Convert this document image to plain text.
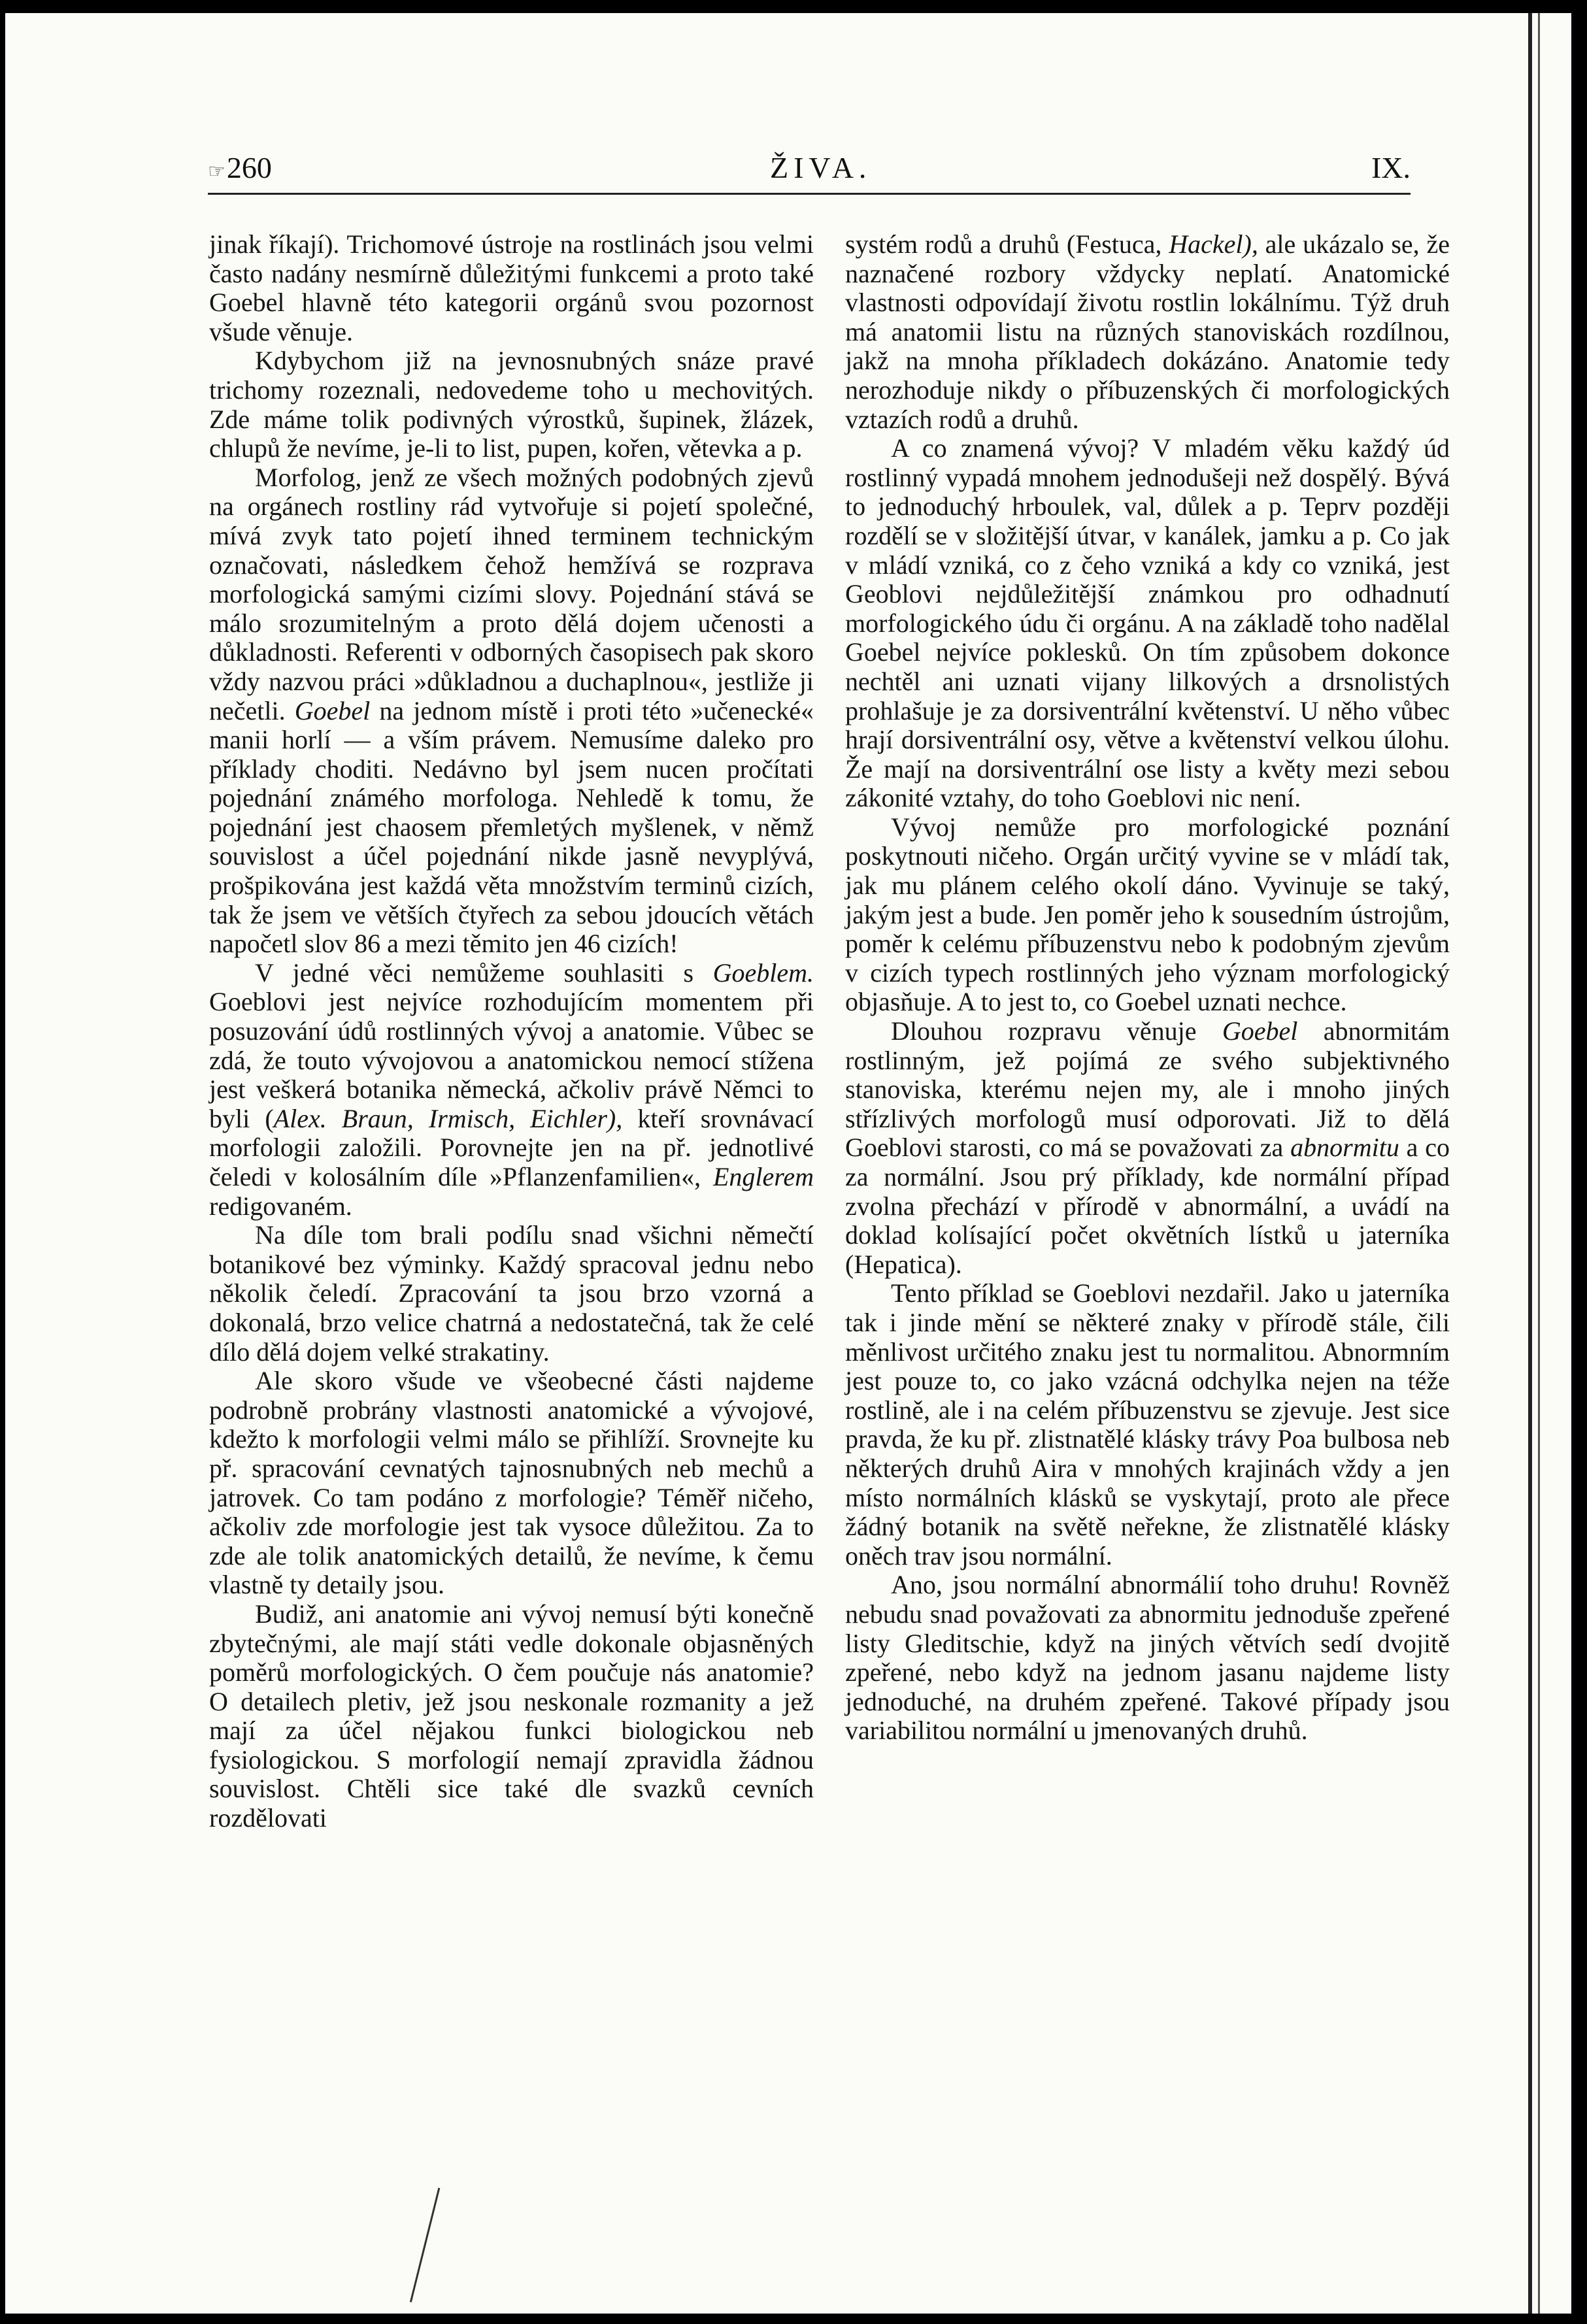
☞260	ŽIVA.	IX.

jinak říkají). Trichomové ústroje na rostlinách jsou velmi často nadány nesmírně důležitými funkcemi a proto také Goebel hlavně této kategorii orgánů svou pozornost všude věnuje.

Kdybychom již na jevnosnubných snáze pravé trichomy rozeznali, nedovedeme toho u mechovitých. Zde máme tolik podivných výrostků, šupinek, žlázek, chlupů že nevíme, je-li to list, pupen, kořen, větevka a p.

Morfolog, jenž ze všech možných podobných zjevů na orgánech rostliny rád vytvořuje si pojetí společné, mívá zvyk tato pojetí ihned terminem technickým označovati, následkem čehož hemžívá se rozprava morfologická samými cizími slovy. Pojednání stává se málo srozumitelným a proto dělá dojem učenosti a důkladnosti. Referenti v odborných časopisech pak skoro vždy nazvou práci »důkladnou a duchaplnou«, jestliže ji nečetli. Goebel na jednom místě i proti této »učenecké« manii horlí — a vším právem. Nemusíme daleko pro příklady choditi. Nedávno byl jsem nucen pročítati pojednání známého morfologa. Nehledě k tomu, že pojednání jest chaosem přemletých myšlenek, v němž souvislost a účel pojednání nikde jasně nevyplývá, prošpikována jest každá věta množstvím terminů cizích, tak že jsem ve větších čtyřech za sebou jdoucích větách napočetl slov 86 a mezi těmito jen 46 cizích!

V jedné věci nemůžeme souhlasiti s Goeblem. Goeblovi jest nejvíce rozhodujícím momentem při posuzování údů rostlinných vývoj a anatomie. Vůbec se zdá, že touto vývojovou a anatomickou nemocí stížena jest veškerá botanika německá, ačkoliv právě Němci to byli (Alex. Braun, Irmisch, Eichler), kteří srovnávací morfologii založili. Porovnejte jen na př. jednotlivé čeledi v kolosálním díle »Pflanzenfamilien«, Englerem redigovaném.

Na díle tom brali podílu snad všichni němečtí botanikové bez výminky. Každý spracoval jednu nebo několik čeledí. Zpracování ta jsou brzo vzorná a dokonalá, brzo velice chatrná a nedostatečná, tak že celé dílo dělá dojem velké strakatiny.

Ale skoro všude ve všeobecné části najdeme podrobně probrány vlastnosti anatomické a vývojové, kdežto k morfologii velmi málo se přihlíží. Srovnejte ku př. spracování cevnatých tajnosnubných neb mechů a jatrovek. Co tam podáno z morfologie? Téměř ničeho, ačkoliv zde morfologie jest tak vysoce důležitou. Za to zde ale tolik anatomických detailů, že nevíme, k čemu vlastně ty detaily jsou.

Budiž, ani anatomie ani vývoj nemusí býti konečně zbytečnými, ale mají státi vedle dokonale objasněných poměrů morfologických. O čem poučuje nás anatomie? O detailech pletiv, jež jsou neskonale rozmanity a jež mají za účel nějakou funkci biologickou neb fysiologickou. S morfologií nemají zpravidla žádnou souvislost. Chtěli sice také dle svazků cevních rozdělovati

systém rodů a druhů (Festuca, Hackel), ale ukázalo se, že naznačené rozbory vždycky neplatí. Anatomické vlastnosti odpovídají životu rostlin lokálnímu. Týž druh má anatomii listu na různých stanoviskách rozdílnou, jakž na mnoha příkladech dokázáno. Anatomie tedy nerozhoduje nikdy o příbuzenských či morfologických vztazích rodů a druhů.

A co znamená vývoj? V mladém věku každý úd rostlinný vypadá mnohem jednodušeji než dospělý. Bývá to jednoduchý hrboulek, val, důlek a p. Teprv později rozdělí se v složitější útvar, v kanálek, jamku a p. Co jak v mládí vzniká, co z čeho vzniká a kdy co vzniká, jest Geoblovi nejdůležitější známkou pro odhadnutí morfologického údu či orgánu. A na základě toho nadělal Goebel nejvíce poklesků. On tím způsobem dokonce nechtěl ani uznati vijany lilkových a drsnolistých prohlašuje je za dorsiventrální květenství. U něho vůbec hrají dorsiventrální osy, větve a květenství velkou úlohu. Že mají na dorsiventrální ose listy a květy mezi sebou zákonité vztahy, do toho Goeblovi nic není.

Vývoj nemůže pro morfologické poznání poskytnouti ničeho. Orgán určitý vyvine se v mládí tak, jak mu plánem celého okolí dáno. Vyvinuje se taký, jakým jest a bude. Jen poměr jeho k sousedním ústrojům, poměr k celému příbuzenstvu nebo k podobným zjevům v cizích typech rostlinných jeho význam morfologický objasňuje. A to jest to, co Goebel uznati nechce.

Dlouhou rozpravu věnuje Goebel abnormitám rostlinným, jež pojímá ze svého subjektivného stanoviska, kterému nejen my, ale i mnoho jiných střízlivých morfologů musí odporovati. Již to dělá Goeblovi starosti, co má se považovati za abnormitu a co za normální. Jsou prý příklady, kde normální případ zvolna přechází v přírodě v abnormální, a uvádí na doklad kolísající počet okvětních lístků u jaterníka (Hepatica).

Tento příklad se Goeblovi nezdařil. Jako u jaterníka tak i jinde mění se některé znaky v přírodě stále, čili měnlivost určitého znaku jest tu normalitou. Abnormním jest pouze to, co jako vzácná odchylka nejen na téže rostlině, ale i na celém příbuzenstvu se zjevuje. Jest sice pravda, že ku př. zlistnatělé klásky trávy Poa bulbosa neb některých druhů Aira v mnohých krajinách vždy a jen místo normálních klásků se vyskytají, proto ale přece žádný botanik na světě neřekne, že zlistnatělé klásky oněch trav jsou normální.

Ano, jsou normální abnormálií toho druhu! Rovněž nebudu snad považovati za abnormitu jednoduše zpeřené listy Gleditschie, když na jiných větvích sedí dvojitě zpeřené, nebo když na jednom jasanu najdeme listy jednoduché, na druhém zpeřené. Takové případy jsou variabilitou normální u jmenovaných druhů.
